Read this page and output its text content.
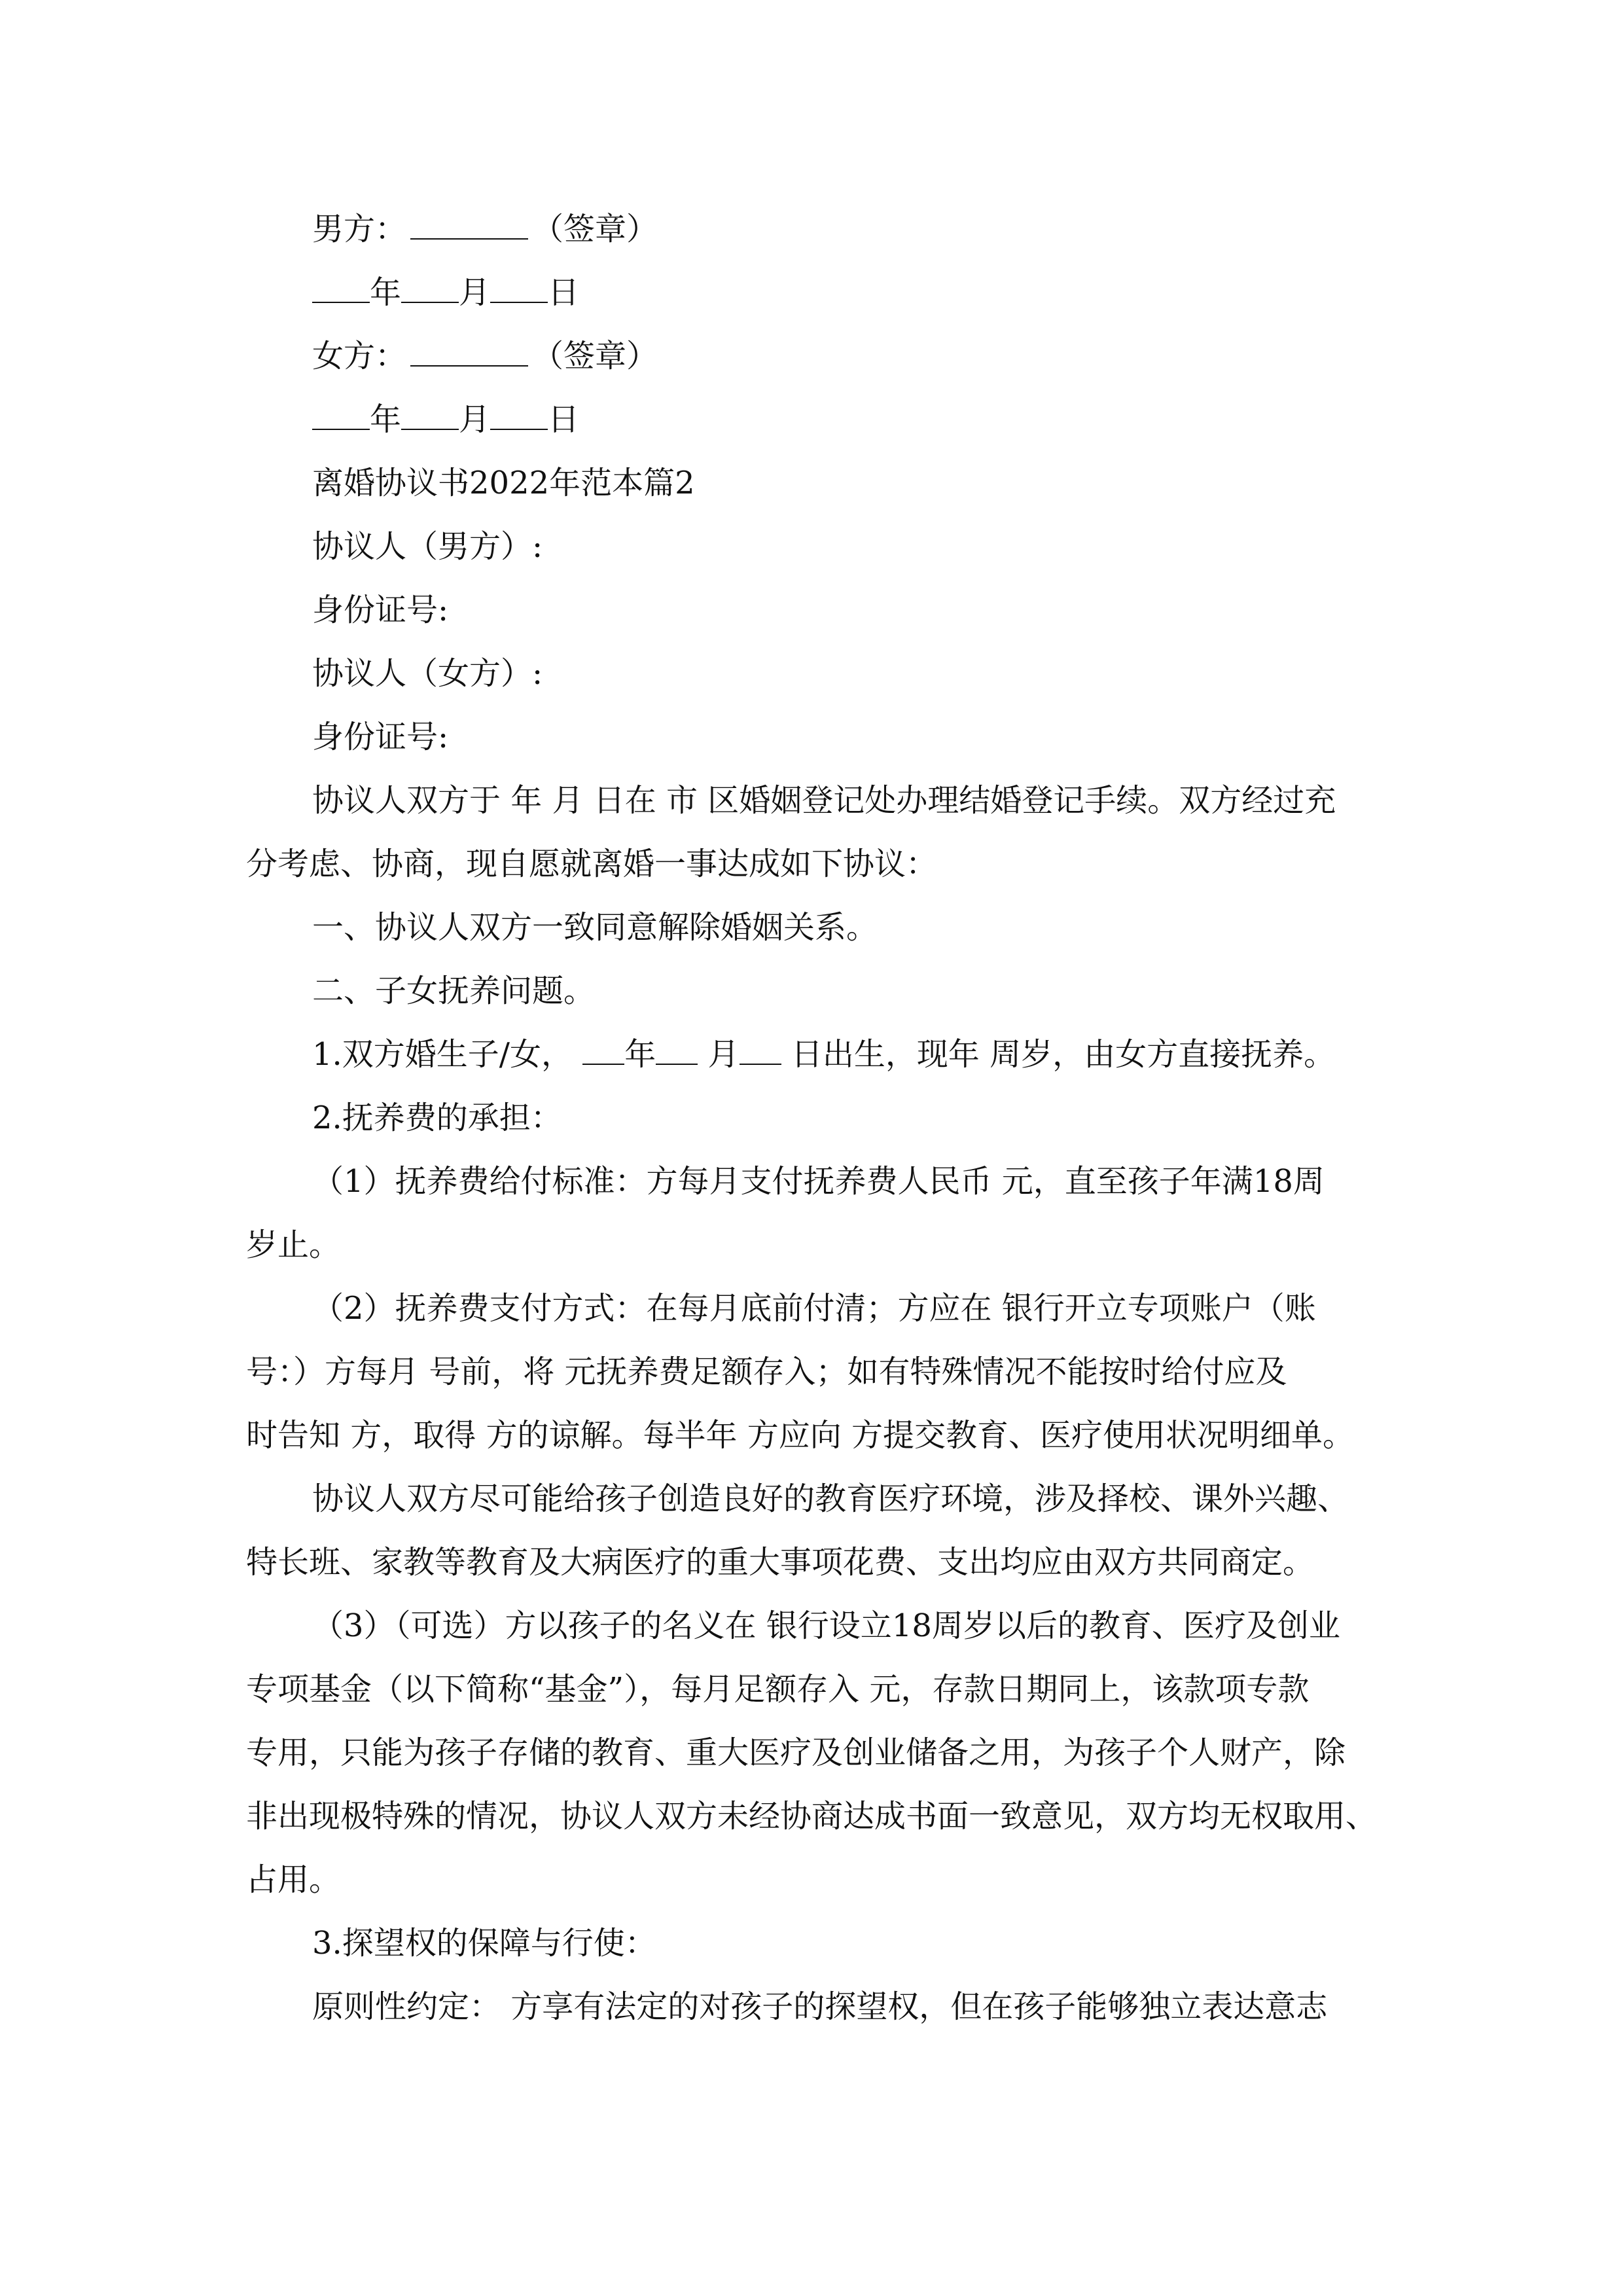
男方：	（签章）
年 月 日
女方：	（签章）
年 月 日
离婚协议书2022年范本篇2
协议人（男方）:
身份证号:
协议人（女方）:
身份证号:
协议人双方于 年 月 日在 市 区婚姻登记处办理结婚登记手续。双方经过充
分考虑、协商，现自愿就离婚一事达成如下协议：
一、协议人双方一致同意解除婚姻关系。
二、子女抚养问题。
1.双方婚生子/女， 年 月 日出生，现年 周岁，由女方直接抚养。
2.抚养费的承担：
（1）抚养费给付标准：方每月支付抚养费人民币 元，直至孩子年满18周
岁止。
（2）抚养费支付方式：在每月底前付清；方应在 银行开立专项账户（账
号：）方每月 号前，将 元抚养费足额存入；如有特殊情况不能按时给付应及
时告知 方，取得 方的谅解。每半年 方应向 方提交教育、医疗使用状况明细单。
协议人双方尽可能给孩子创造良好的教育医疗环境，涉及择校、课外兴趣、
特长班、家教等教育及大病医疗的重大事项花费、支出均应由双方共同商定。
（3）（可选）方以孩子的名义在 银行设立18周岁以后的教育、医疗及创业
专项基金（以下简称“基金”），每月足额存入 元，存款日期同上，该款项专款
专用，只能为孩子存储的教育、重大医疗及创业储备之用，为孩子个人财产，除
非出现极特殊的情况，协议人双方未经协商达成书面一致意见，双方均无权取用、
占用。
3.探望权的保障与行使：
原则性约定： 方享有法定的对孩子的探望权，但在孩子能够独立表达意志
